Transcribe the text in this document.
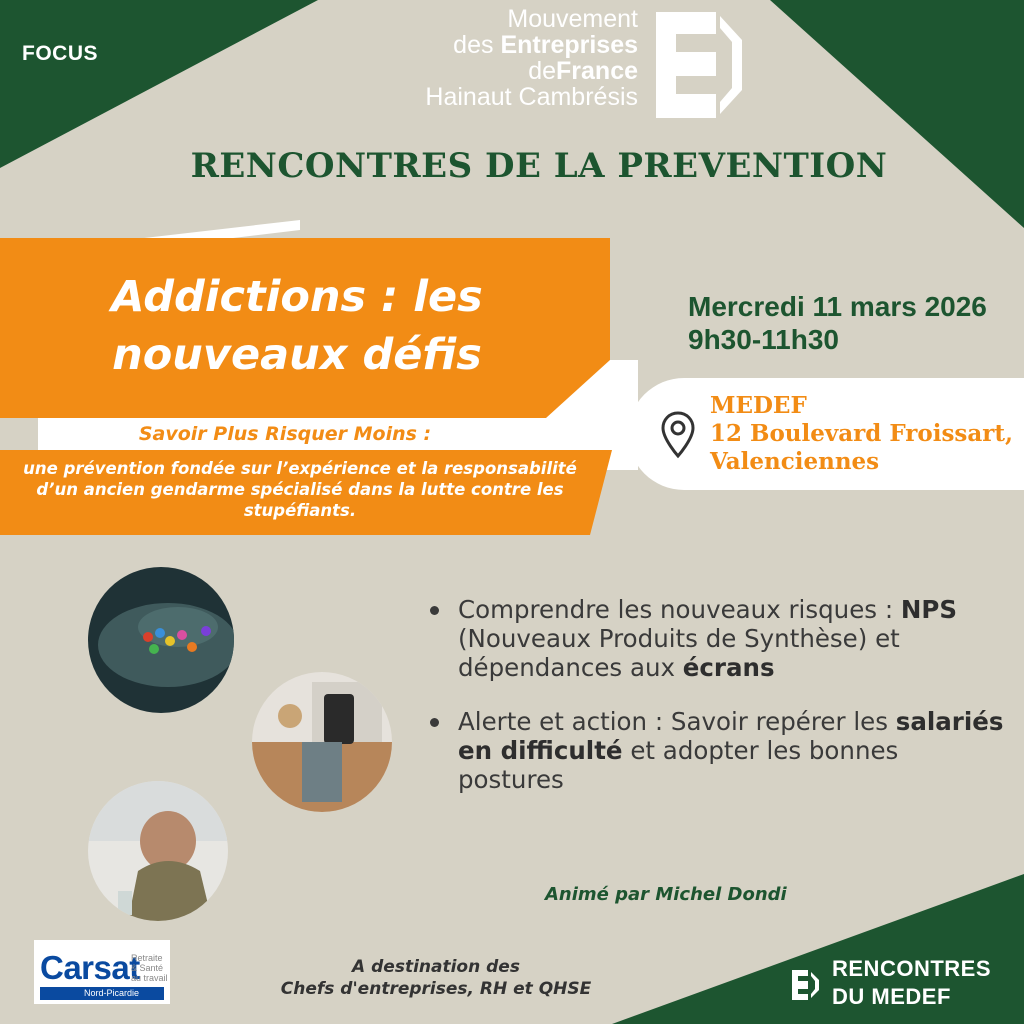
FOCUS
Mouvement
des Entreprises
deFrance
Hainaut Cambrésis
RENCONTRES DE LA PREVENTION
Addictions : les nouveaux défis
Savoir Plus Risquer Moins :
une prévention fondée sur l’expérience et la responsabilité d’un ancien gendarme spécialisé dans la lutte contre les stupéfiants.
Mercredi 11 mars 2026
9h30-11h30
MEDEF
12 Boulevard Froissart,
Valenciennes
Comprendre les nouveaux risques : NPS (Nouveaux Produits de Synthèse) et dépendances aux écrans
Alerte et action : Savoir repérer les salariés en difficulté et adopter les bonnes postures
Animé par Michel Dondi
Carsat
Retraite
& Santé
au travail
Nord-Picardie
A destination des
Chefs d'entreprises, RH et QHSE
RENCONTRES
DU MEDEF
